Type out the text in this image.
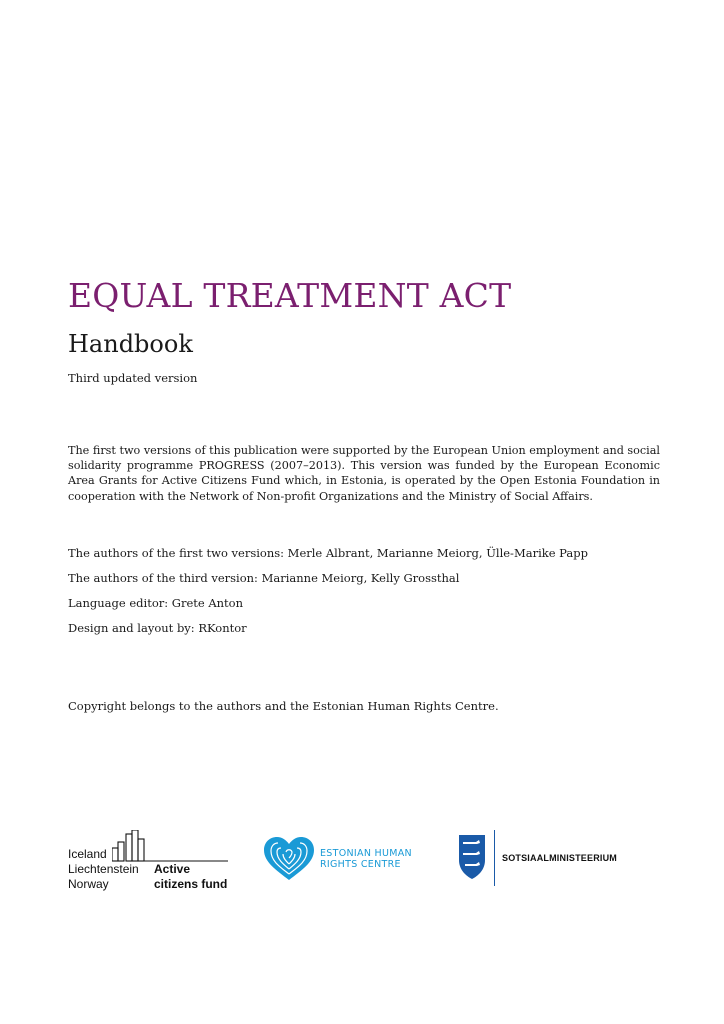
EQUAL TREATMENT ACT
Handbook

Third updated version

The first two versions of this publication were supported by the European Union employment and social solidarity programme PROGRESS (2007–2013). This version was funded by the European Economic Area Grants for Active Citizens Fund which, in Estonia, is operated by the Open Estonia Foundation in cooperation with the Network of Non-profit Organizations and the Ministry of Social Affairs.

The authors of the first two versions: Merle Albrant, Marianne Meiorg, Ülle-Marike Papp

The authors of the third version: Marianne Meiorg, Kelly Grossthal

Language editor: Grete Anton

Design and layout by: RKontor

Copyright belongs to the authors and the Estonian Human Rights Centre.

Iceland
Liechtenstein
Norway
Active
citizens fund
ESTONIAN HUMAN
RIGHTS CENTRE
SOTSIAALMINISTEERIUM
